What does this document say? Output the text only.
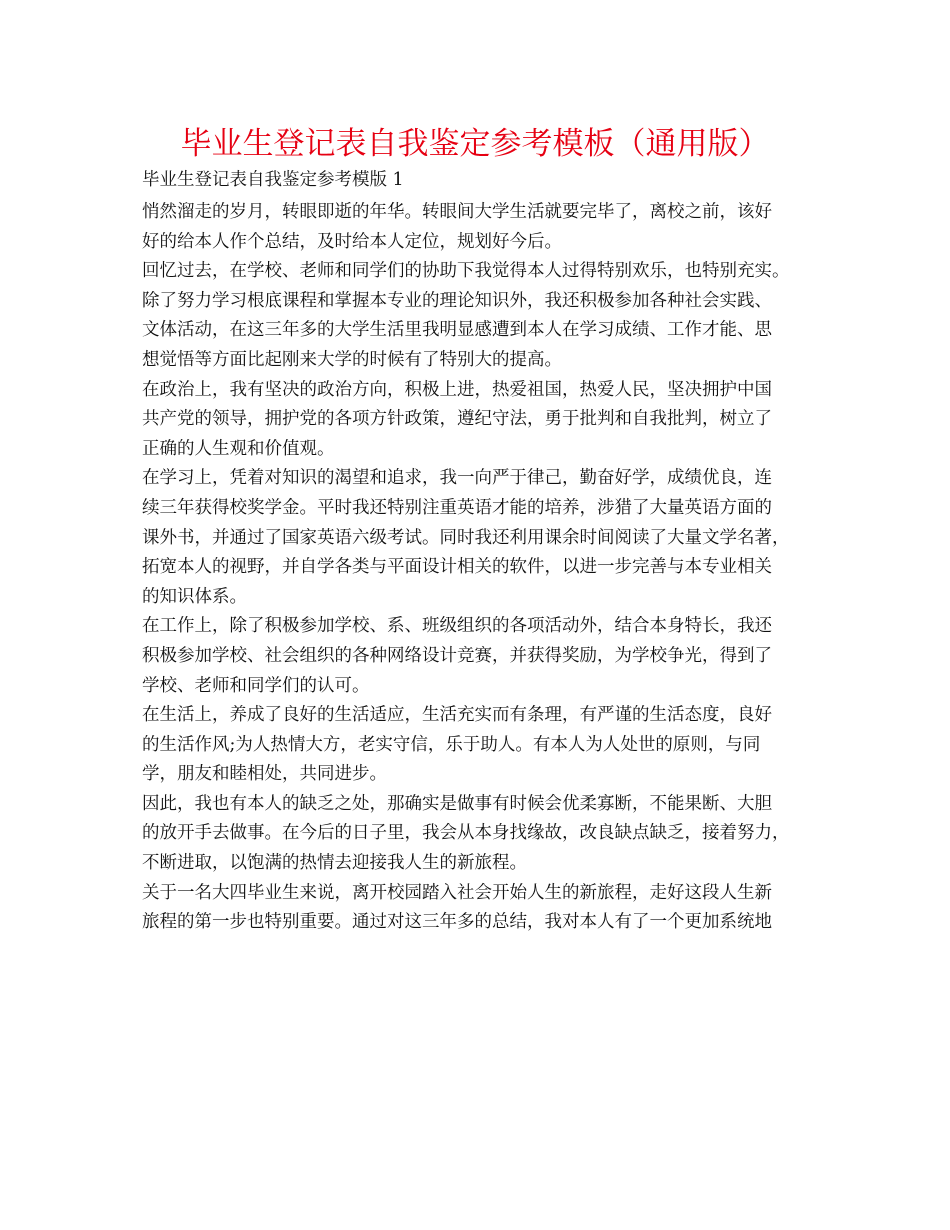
毕业生登记表自我鉴定参考模板（通用版）
毕业生登记表自我鉴定参考模版 1
悄然溜走的岁月，转眼即逝的年华。转眼间大学生活就要完毕了，离校之前，该好
好的给本人作个总结，及时给本人定位，规划好今后。
回忆过去，在学校、老师和同学们的协助下我觉得本人过得特别欢乐，也特别充实。
除了努力学习根底课程和掌握本专业的理论知识外，我还积极参加各种社会实践、
文体活动，在这三年多的大学生活里我明显感遭到本人在学习成绩、工作才能、思
想觉悟等方面比起刚来大学的时候有了特别大的提高。
在政治上，我有坚决的政治方向，积极上进，热爱祖国，热爱人民，坚决拥护中国
共产党的领导，拥护党的各项方针政策，遵纪守法，勇于批判和自我批判，树立了
正确的人生观和价值观。
在学习上，凭着对知识的渴望和追求，我一向严于律己，勤奋好学，成绩优良，连
续三年获得校奖学金。平时我还特别注重英语才能的培养，涉猎了大量英语方面的
课外书，并通过了国家英语六级考试。同时我还利用课余时间阅读了大量文学名著，
拓宽本人的视野，并自学各类与平面设计相关的软件，以进一步完善与本专业相关
的知识体系。
在工作上，除了积极参加学校、系、班级组织的各项活动外，结合本身特长，我还
积极参加学校、社会组织的各种网络设计竞赛，并获得奖励，为学校争光，得到了
学校、老师和同学们的认可。
在生活上，养成了良好的生活适应，生活充实而有条理，有严谨的生活态度，良好
的生活作风;为人热情大方，老实守信，乐于助人。有本人为人处世的原则，与同
学，朋友和睦相处，共同进步。
因此，我也有本人的缺乏之处，那确实是做事有时候会优柔寡断，不能果断、大胆
的放开手去做事。在今后的日子里，我会从本身找缘故，改良缺点缺乏，接着努力，
不断进取，以饱满的热情去迎接我人生的新旅程。
关于一名大四毕业生来说，离开校园踏入社会开始人生的新旅程，走好这段人生新
旅程的第一步也特别重要。通过对这三年多的总结，我对本人有了一个更加系统地
